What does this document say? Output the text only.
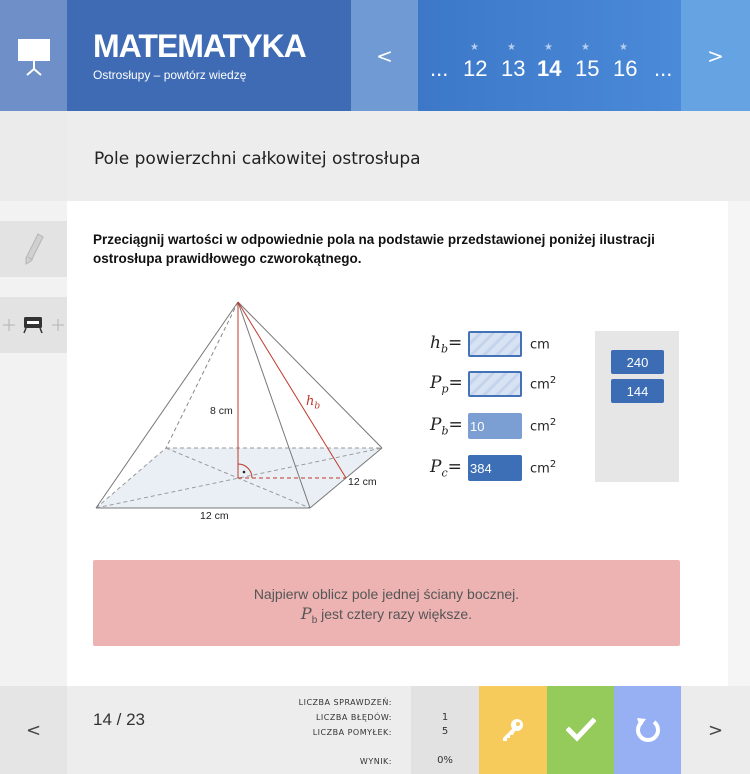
MATEMATYKA
Ostrosłupy – powtórz wiedzę
<
...
★
12
★
13
★
14
★
15
★
16 ...
>
Pole powierzchni całkowitej ostrosłupa
Przeciągnij wartości w odpowiednie pola na podstawie przedstawionej poniżej ilustracji ostrosłupa prawidłowego czworokątnego.
8 cm
$h_b$
12 cm
12 cm
$h_b=$	cm
$P_p=$	$cm^2$
$P_b= 10$	$cm^2$
$P_c= 384$	$cm^2$
240
144
Najpierw oblicz pole jednej ściany bocznej.
$P_b$ jest cztery razy większe.
<	14 / 23
LICZBA SPRAWDZEŃ:
LICZBA BŁĘDÓW:
LICZBA POMYŁEK:
WYNIK:
1
5
0%
>
